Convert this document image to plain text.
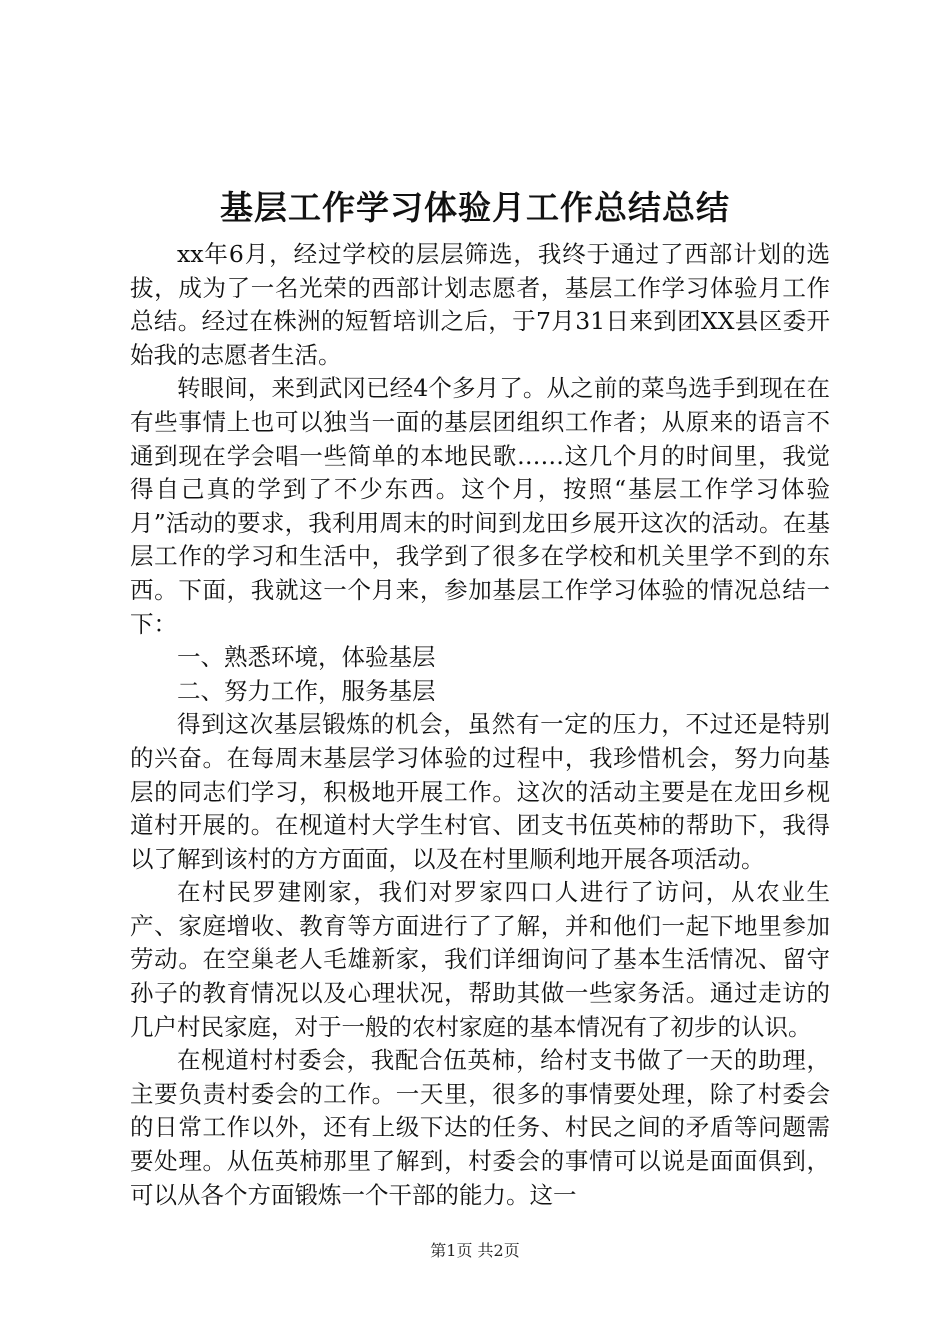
基层工作学习体验月工作总结总结

xx年6月，经过学校的层层筛选，我终于通过了西部计划的选拔，成为了一名光荣的西部计划志愿者，基层工作学习体验月工作总结。经过在株洲的短暂培训之后，于7月31日来到团XX县区委开始我的志愿者生活。

转眼间，来到武冈已经4个多月了。从之前的菜鸟选手到现在在有些事情上也可以独当一面的基层团组织工作者；从原来的语言不通到现在学会唱一些简单的本地民歌……这几个月的时间里，我觉得自己真的学到了不少东西。这个月，按照“基层工作学习体验月”活动的要求，我利用周末的时间到龙田乡展开这次的活动。在基层工作的学习和生活中，我学到了很多在学校和机关里学不到的东西。下面，我就这一个月来，参加基层工作学习体验的情况总结一下：

一、熟悉环境，体验基层

二、努力工作，服务基层

得到这次基层锻炼的机会，虽然有一定的压力，不过还是特别的兴奋。在每周末基层学习体验的过程中，我珍惜机会，努力向基层的同志们学习，积极地开展工作。这次的活动主要是在龙田乡枧道村开展的。在枧道村大学生村官、团支书伍英柿的帮助下，我得以了解到该村的方方面面，以及在村里顺利地开展各项活动。

在村民罗建刚家，我们对罗家四口人进行了访问，从农业生产、家庭增收、教育等方面进行了了解，并和他们一起下地里参加劳动。在空巢老人毛雄新家，我们详细询问了基本生活情况、留守孙子的教育情况以及心理状况，帮助其做一些家务活。通过走访的几户村民家庭，对于一般的农村家庭的基本情况有了初步的认识。

在枧道村村委会，我配合伍英柿，给村支书做了一天的助理，主要负责村委会的工作。一天里，很多的事情要处理，除了村委会的日常工作以外，还有上级下达的任务、村民之间的矛盾等问题需要处理。从伍英柿那里了解到，村委会的事情可以说是面面俱到，可以从各个方面锻炼一个干部的能力。这一

第1页 共2页
